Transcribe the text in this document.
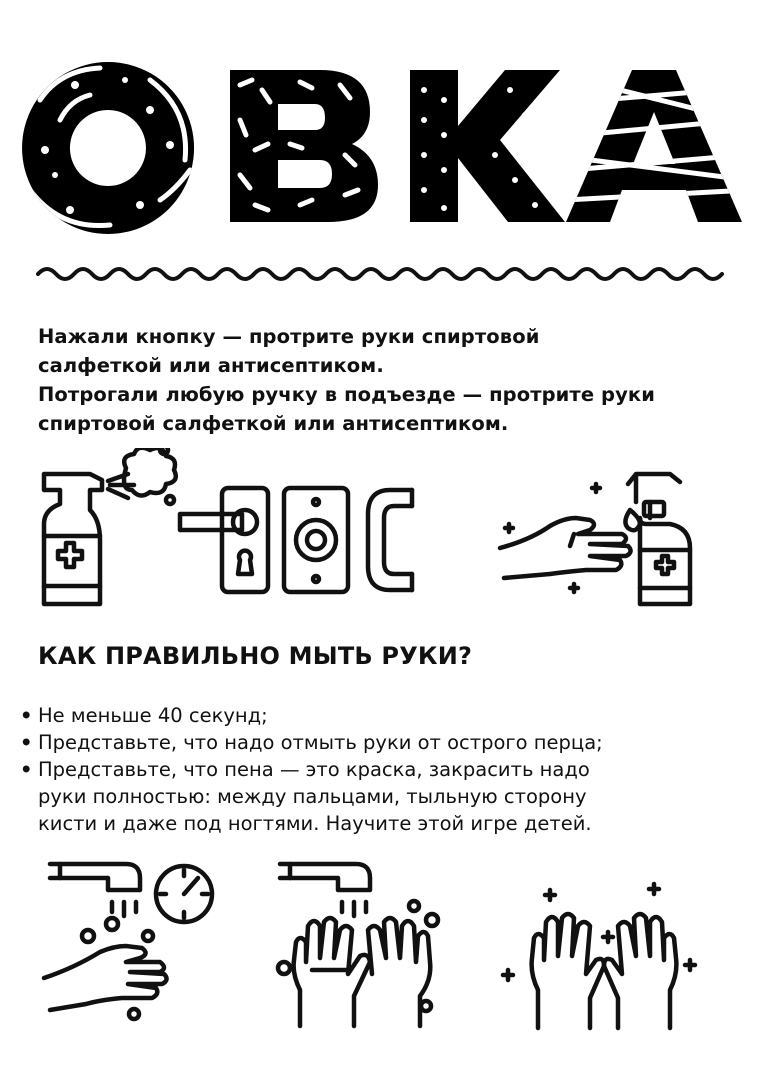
Нажали кнопку — протрите руки спиртовой

салфеткой или антисептиком.

Потрогали любую ручку в подъезде — протрите руки

спиртовой салфеткой или антисептиком.

КАК ПРАВИЛЬНО МЫТЬ РУКИ?
• Не меньше 40 секунд;
• Представьте, что надо отмыть руки от острого перца;
• Представьте, что пена — это краска, закрасить надо
руки полностью: между пальцами, тыльную сторону
кисти и даже под ногтями. Научите этой игре детей.
